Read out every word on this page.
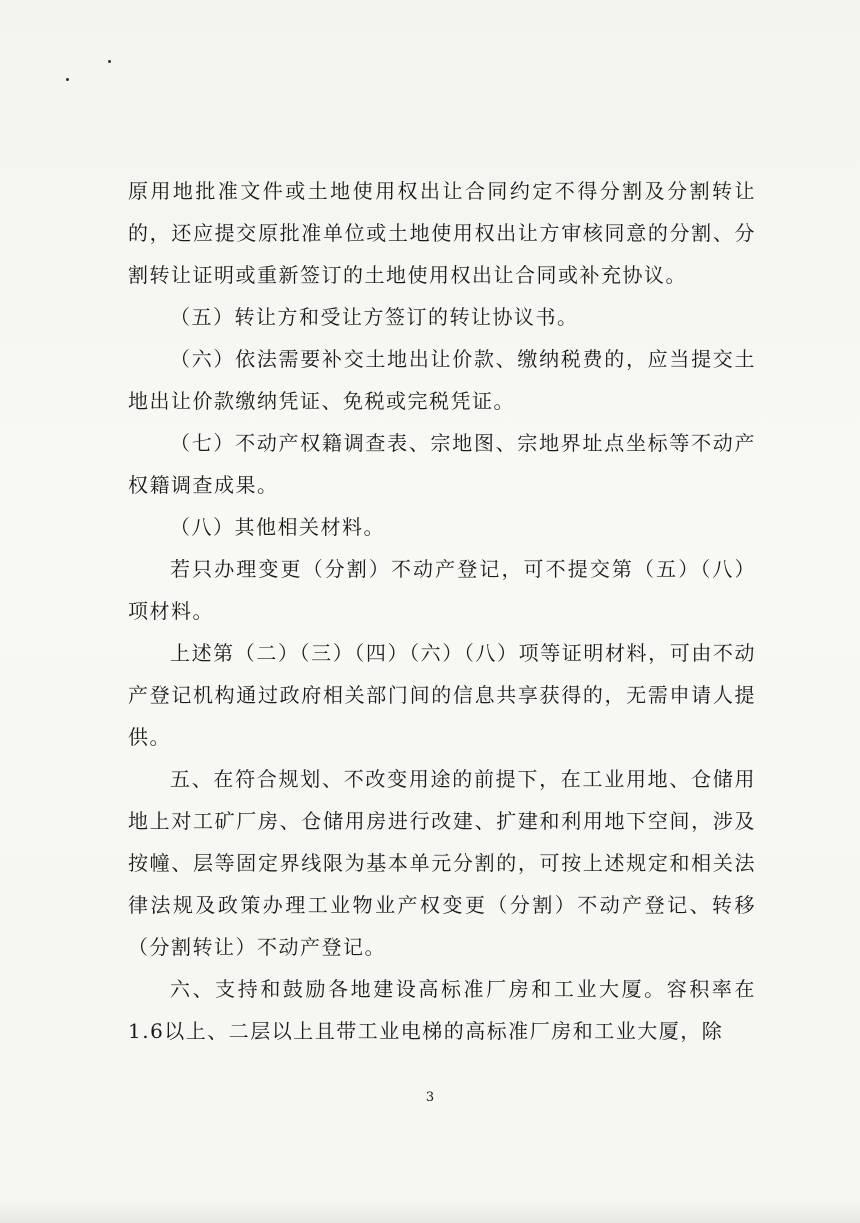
原用地批准文件或土地使用权出让合同约定不得分割及分割转让的，还应提交原批准单位或土地使用权出让方审核同意的分割、分割转让证明或重新签订的土地使用权出让合同或补充协议。

（五）转让方和受让方签订的转让协议书。

（六）依法需要补交土地出让价款、缴纳税费的，应当提交土地出让价款缴纳凭证、免税或完税凭证。

（七）不动产权籍调查表、宗地图、宗地界址点坐标等不动产权籍调查成果。

（八）其他相关材料。

若只办理变更（分割）不动产登记，可不提交第（五）（八）项材料。

上述第（二）（三）（四）（六）（八）项等证明材料，可由不动产登记机构通过政府相关部门间的信息共享获得的，无需申请人提供。

五、在符合规划、不改变用途的前提下，在工业用地、仓储用地上对工矿厂房、仓储用房进行改建、扩建和利用地下空间，涉及按幢、层等固定界线限为基本单元分割的，可按上述规定和相关法律法规及政策办理工业物业产权变更（分割）不动产登记、转移（分割转让）不动产登记。

六、支持和鼓励各地建设高标准厂房和工业大厦。容积率在1.6以上、二层以上且带工业电梯的高标准厂房和工业大厦，除

3
